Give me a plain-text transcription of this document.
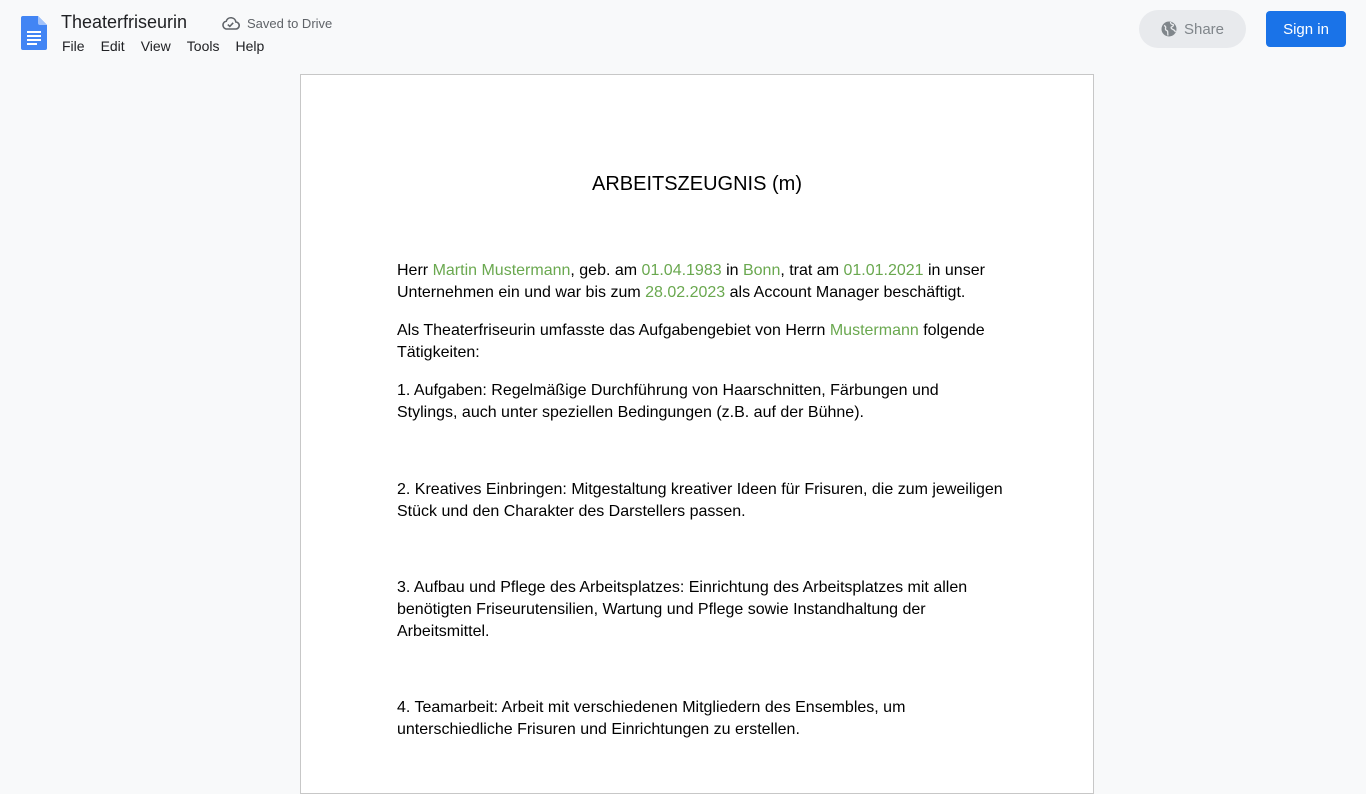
Theaterfriseurin	Saved to Drive
File	Edit	View	Tools	Help
Share	Sign in
ARBEITSZEUGNIS (m)

Herr Martin Mustermann, geb. am 01.04.1983 in Bonn, trat am 01.01.2021 in unser Unternehmen ein und war bis zum 28.02.2023 als Account Manager beschäftigt.

Als Theaterfriseurin umfasste das Aufgabengebiet von Herrn Mustermann folgende Tätigkeiten:

1. Aufgaben: Regelmäßige Durchführung von Haarschnitten, Färbungen und Stylings, auch unter speziellen Bedingungen (z.B. auf der Bühne).

2. Kreatives Einbringen: Mitgestaltung kreativer Ideen für Frisuren, die zum jeweiligen Stück und den Charakter des Darstellers passen.

3. Aufbau und Pflege des Arbeitsplatzes: Einrichtung des Arbeitsplatzes mit allen benötigten Friseurutensilien, Wartung und Pflege sowie Instandhaltung der Arbeitsmittel.

4. Teamarbeit: Arbeit mit verschiedenen Mitgliedern des Ensembles, um unterschiedliche Frisuren und Einrichtungen zu erstellen.
